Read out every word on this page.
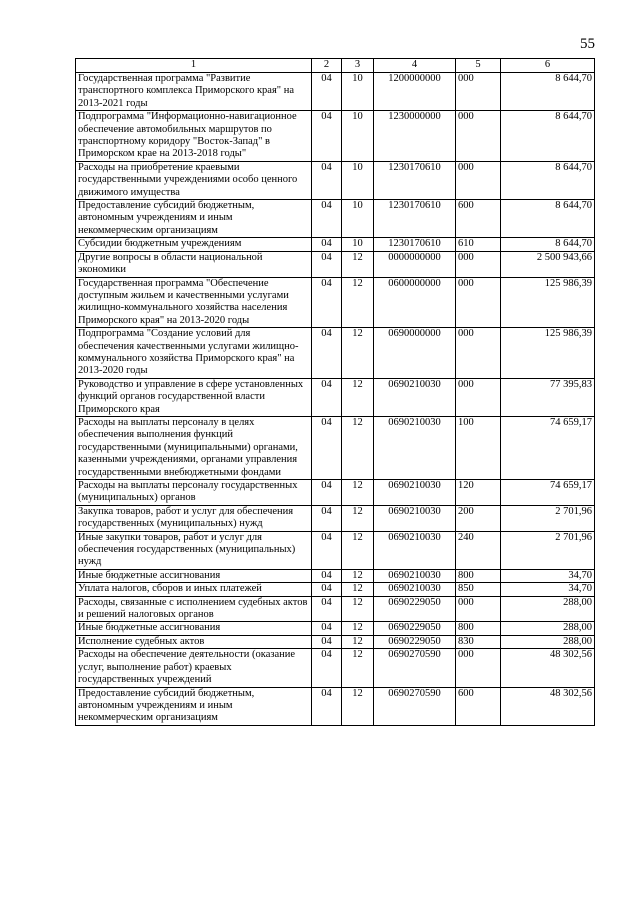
55
1	2	3	4	5	6
Государственная программа "Развитие транспортного комплекса Приморского края" на 2013-2021 годы	04	10	1200000000	000	8 644,70
Подпрограмма "Информационно-навигационное обеспечение автомобильных маршрутов по транспортному коридору "Восток-Запад" в Приморском крае на 2013-2018 годы"	04	10	1230000000	000	8 644,70
Расходы на приобретение краевыми государственными учреждениями особо ценного движимого имущества	04	10	1230170610	000	8 644,70
Предоставление субсидий бюджетным, автономным учреждениям и иным некоммерческим организациям	04	10	1230170610	600	8 644,70
Субсидии бюджетным учреждениям	04	10	1230170610	610	8 644,70
Другие вопросы в области национальной экономики	04	12	0000000000	000	2 500 943,66
Государственная программа "Обеспечение доступным жильем и качественными услугами жилищно-коммунального хозяйства населения Приморского края" на 2013-2020 годы	04	12	0600000000	000	125 986,39
Подпрограмма "Создание условий для обеспечения качественными услугами жилищно-коммунального хозяйства Приморского края" на 2013-2020 годы	04	12	0690000000	000	125 986,39
Руководство и управление в сфере установленных функций органов государственной власти Приморского края	04	12	0690210030	000	77 395,83
Расходы на выплаты персоналу в целях обеспечения выполнения функций государственными (муниципальными) органами, казенными учреждениями, органами управления государственными внебюджетными фондами	04	12	0690210030	100	74 659,17
Расходы на выплаты персоналу государственных (муниципальных) органов	04	12	0690210030	120	74 659,17
Закупка товаров, работ и услуг для обеспечения государственных (муниципальных) нужд	04	12	0690210030	200	2 701,96
Иные закупки товаров, работ и услуг для обеспечения государственных (муниципальных) нужд	04	12	0690210030	240	2 701,96
Иные бюджетные ассигнования	04	12	0690210030	800	34,70
Уплата налогов, сборов и иных платежей	04	12	0690210030	850	34,70
Расходы, связанные с исполнением судебных актов и решений налоговых органов	04	12	0690229050	000	288,00
Иные бюджетные ассигнования	04	12	0690229050	800	288,00
Исполнение судебных актов	04	12	0690229050	830	288,00
Расходы на обеспечение деятельности (оказание услуг, выполнение работ) краевых государственных учреждений	04	12	0690270590	000	48 302,56
Предоставление субсидий бюджетным, автономным учреждениям и иным некоммерческим организациям	04	12	0690270590	600	48 302,56
